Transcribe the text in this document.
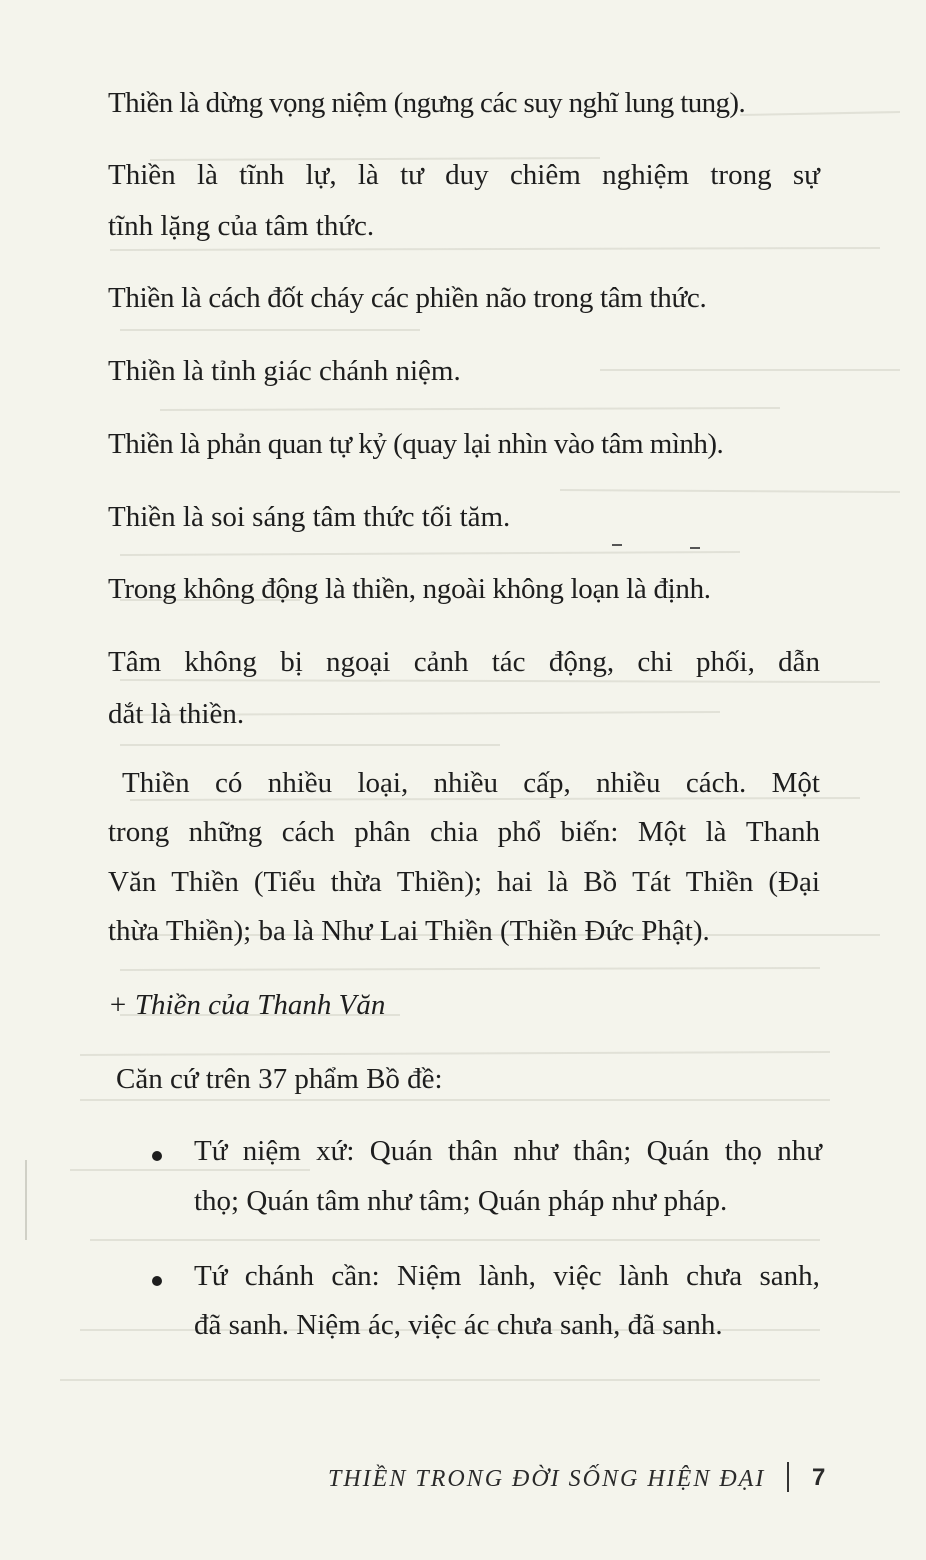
Thiền là dừng vọng niệm (ngưng các suy nghĩ lung tung).
Thiền là tĩnh lự, là tư duy chiêm nghiệm trong sự
tĩnh lặng của tâm thức.
Thiền là cách đốt cháy các phiền não trong tâm thức.
Thiền là tỉnh giác chánh niệm.
Thiền là phản quan tự kỷ (quay lại nhìn vào tâm mình).
Thiền là soi sáng tâm thức tối tăm.
Trong không động là thiền, ngoài không loạn là định.
Tâm không bị ngoại cảnh tác động, chi phối, dẫn
dắt là thiền.
Thiền có nhiều loại, nhiều cấp, nhiều cách. Một
trong những cách phân chia phổ biến: Một là Thanh
Văn Thiền (Tiểu thừa Thiền); hai là Bồ Tát Thiền (Đại
thừa Thiền); ba là Như Lai Thiền (Thiền Đức Phật).
+ Thiền của Thanh Văn
Căn cứ trên 37 phẩm Bồ đề:
Tứ niệm xứ: Quán thân như thân; Quán thọ như
thọ; Quán tâm như tâm; Quán pháp như pháp.
Tứ chánh cần: Niệm lành, việc lành chưa sanh,
đã sanh. Niệm ác, việc ác chưa sanh, đã sanh.
THIỀN TRONG ĐỜI SỐNG HIỆN ĐẠI 7
